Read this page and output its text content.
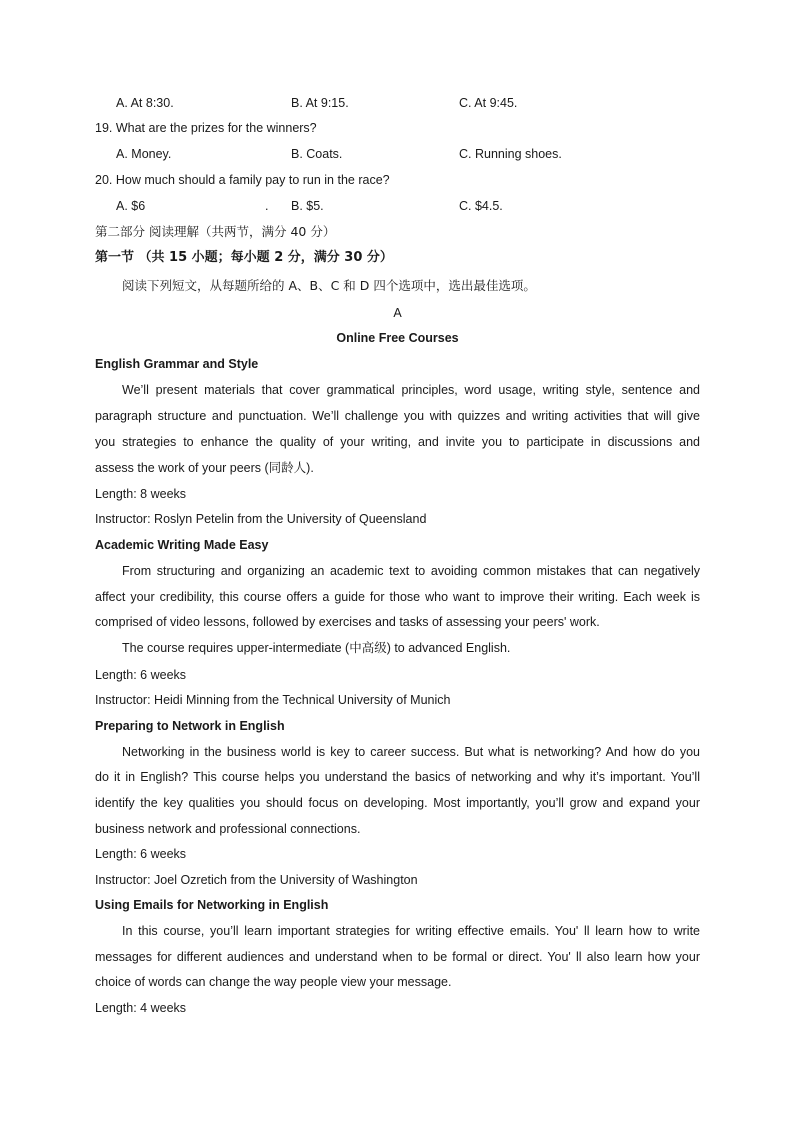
A. At 8:30.	B. At 9:15.	C. At 9:45.
19. What are the prizes for the winners?
A. Money.	B. Coats.	C. Running shoes.
20. How much should a family pay to run in the race?
A. $6	. B. $5.	C. $4.5.
第二部分 阅读理解（共两节，满分 40 分）
第一节 （共 15 小题；每小题 2 分，满分 30 分）
阅读下列短文，从每题所给的 A、B、C 和 D 四个选项中，选出最佳选项。
A
Online Free Courses
English Grammar and Style
We’ll present materials that cover grammatical principles, word usage, writing style, sentence and
paragraph structure and punctuation. We’ll challenge you with quizzes and writing activities that will give
you strategies to enhance the quality of your writing, and invite you to participate in discussions and
assess the work of your peers (同龄人).
Length: 8 weeks
Instructor: Roslyn Petelin from the University of Queensland
Academic Writing Made Easy
From structuring and organizing an academic text to avoiding common mistakes that can negatively
affect your credibility, this course offers a guide for those who want to improve their writing. Each week is
comprised of video lessons, followed by exercises and tasks of assessing your peers' work.
The course requires upper-intermediate (中高级) to advanced English.
Length: 6 weeks
Instructor: Heidi Minning from the Technical University of Munich
Preparing to Network in English
Networking in the business world is key to career success. But what is networking? And how do you
do it in English? This course helps you understand the basics of networking and why it’s important. You’ll
identify the key qualities you should focus on developing. Most importantly, you’ll grow and expand your
business network and professional connections.
Length: 6 weeks
Instructor: Joel Ozretich from the University of Washington
Using Emails for Networking in English
In this course, you’ll learn important strategies for writing effective emails. You' ll learn how to write
messages for different audiences and understand when to be formal or direct. You' ll also learn how your
choice of words can change the way people view your message.
Length: 4 weeks
